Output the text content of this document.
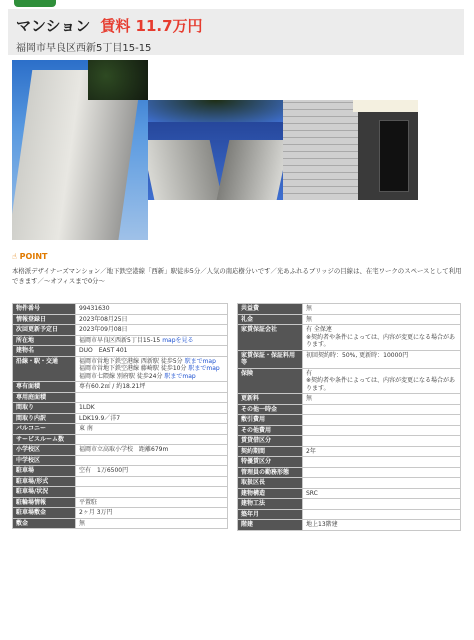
マンション 賃料 11.7万円
福岡市早良区西新5丁目15-15
☝ POINT
本格派デザイナーズマンション／地下鉄空港線「西新」駅徒歩5分／人気の南応樹分いです／光あふれるブリッジの目線は、在宅ワークのスペースとして利用できます／～オフィスまで0分～
物件番号	99431630
情報登録日	2023年08月25日
次回更新予定日	2023年09月08日
所在地	福岡市早良区西新5丁目15-15 mapを見る
建物名	DUO　EAST 401
沿線・駅・交通	福岡市営地下鉄空港線 西新駅 徒歩5分 駅までmap
福岡市営地下鉄空港線 藤崎駅 徒歩10分 駅までmap
福岡市七隈線 別府駅 徒歩24分 駅までmap

専有面積	専有60.2㎡ / 約18.21坪
専用庭面積	
間取り	1LDK
間取り内訳	LDK19.9／洋7
バルコニー	東 南
サービスルーム数	
小学校区	福岡市立高取小学校　距離679m
中学校区	
駐車場	空有　1万6500円
駐車場/形式	
駐車場/状況	
駐輪場情報	平置駐
駐車場敷金	2ヶ月 3万円
敷金	無
共益費	無
礼金	無
家賃保証会社	有 全保連
※契約者や条件によっては、内容が変更になる場合があります。
家賃保証・保証料用等	初回契約時：50%, 更新時：10000円
保険	有
※契約者や条件によっては、内容が変更になる場合があります。
更新料	無
その他一時金	
敷引費用	
その他費用	
賃貸借区分	
契約期間	2年
特優賃区分	
管理員の勤務形態	
取扱区長	
建物構造	SRC
建物工法	
築年月	
階建	地上13階建
